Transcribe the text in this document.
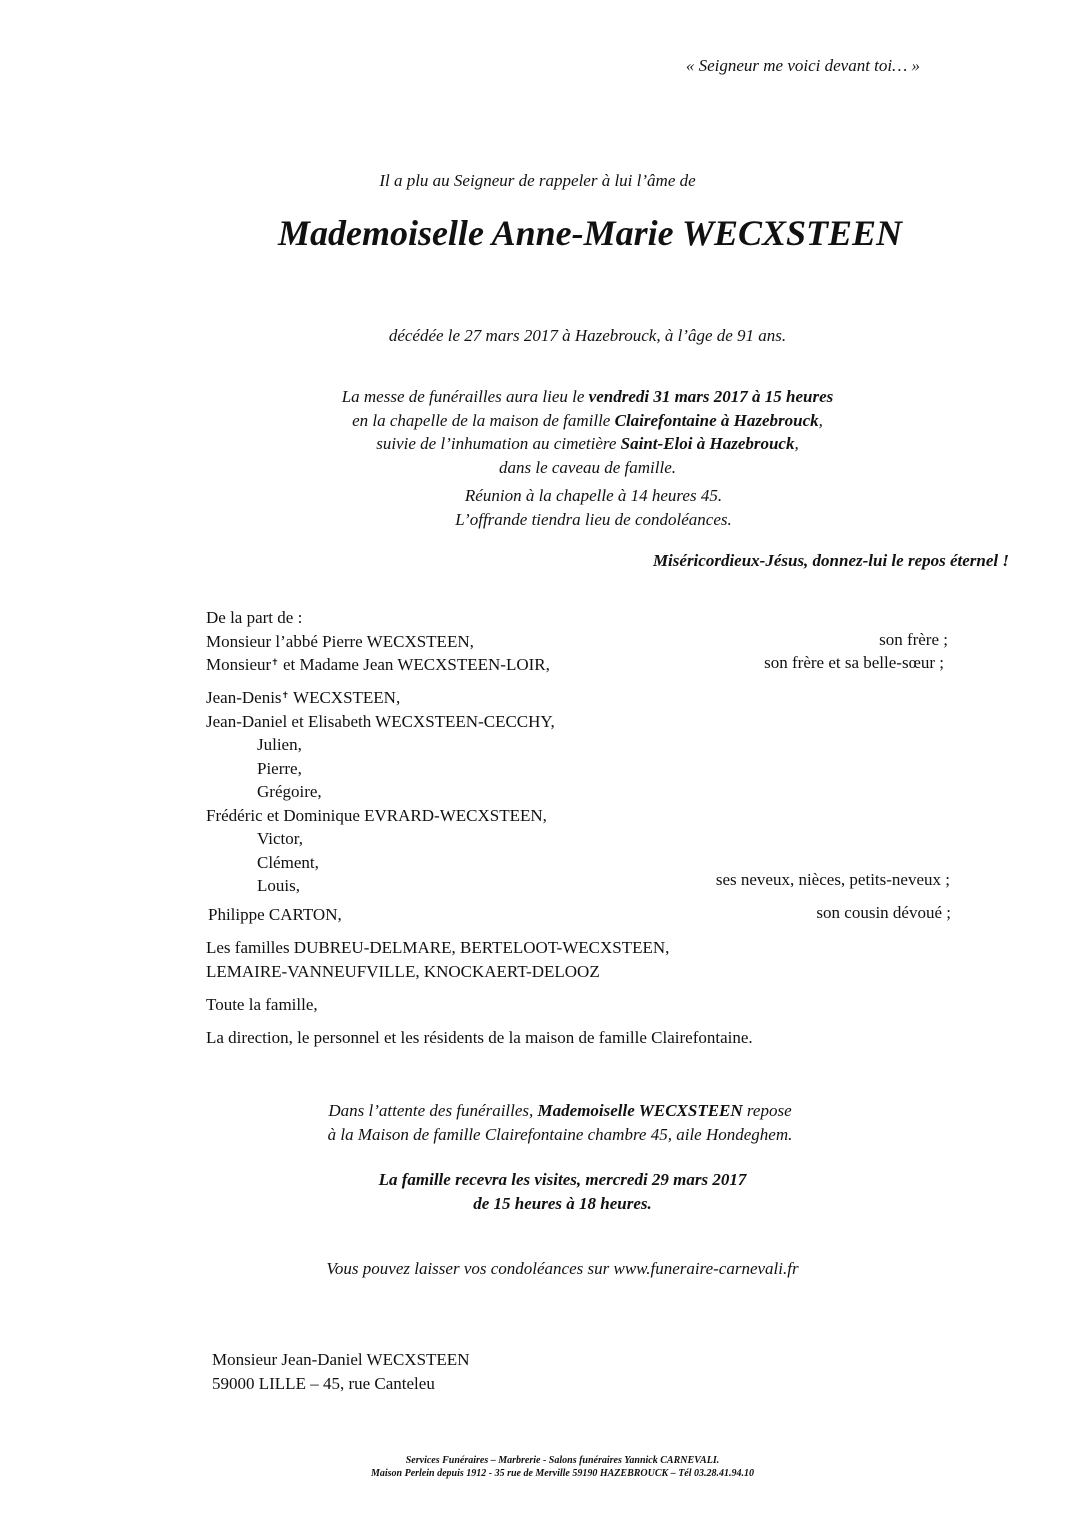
« Seigneur me voici devant toi… »
Il a plu au Seigneur de rappeler à lui l’âme de
Mademoiselle Anne-Marie WECXSTEEN
décédée le 27 mars 2017 à Hazebrouck, à l’âge de 91 ans.
La messe de funérailles aura lieu le vendredi 31 mars 2017 à 15 heures
en la chapelle de la maison de famille Clairefontaine à Hazebrouck,
suivie de l’inhumation au cimetière Saint-Eloi à Hazebrouck,
dans le caveau de famille.
Réunion à la chapelle à 14 heures 45.
L’offrande tiendra lieu de condoléances.
Miséricordieux-Jésus, donnez-lui le repos éternel !
De la part de :
Monsieur l’abbé Pierre WECXSTEEN,	son frère ;
Monsieur✝ et Madame Jean WECXSTEEN-LOIR,	son frère et sa belle-sœur ;
Jean-Denis✝ WECXSTEEN,
Jean-Daniel et Elisabeth WECXSTEEN-CECCHY,
Julien,
Pierre,
Grégoire,
Frédéric et Dominique EVRARD-WECXSTEEN,
Victor,
Clément,
Louis,	ses neveux, nièces, petits-neveux ;
Philippe CARTON,	son cousin dévoué ;
Les familles DUBREU-DELMARE, BERTELOOT-WECXSTEEN,
LEMAIRE-VANNEUFVILLE, KNOCKAERT-DELOOZ
Toute la famille,
La direction, le personnel et les résidents de la maison de famille Clairefontaine.
Dans l’attente des funérailles, Mademoiselle WECXSTEEN repose
à la Maison de famille Clairefontaine chambre 45, aile Hondeghem.
La famille recevra les visites, mercredi 29 mars 2017
de 15 heures à 18 heures.
Vous pouvez laisser vos condoléances sur www.funeraire-carnevali.fr
Monsieur Jean-Daniel WECXSTEEN
59000 LILLE – 45, rue Canteleu
Services Funéraires – Marbrerie - Salons funéraires Yannick CARNEVALI.
Maison Perlein depuis 1912 - 35 rue de Merville 59190 HAZEBROUCK – Tél 03.28.41.94.10
